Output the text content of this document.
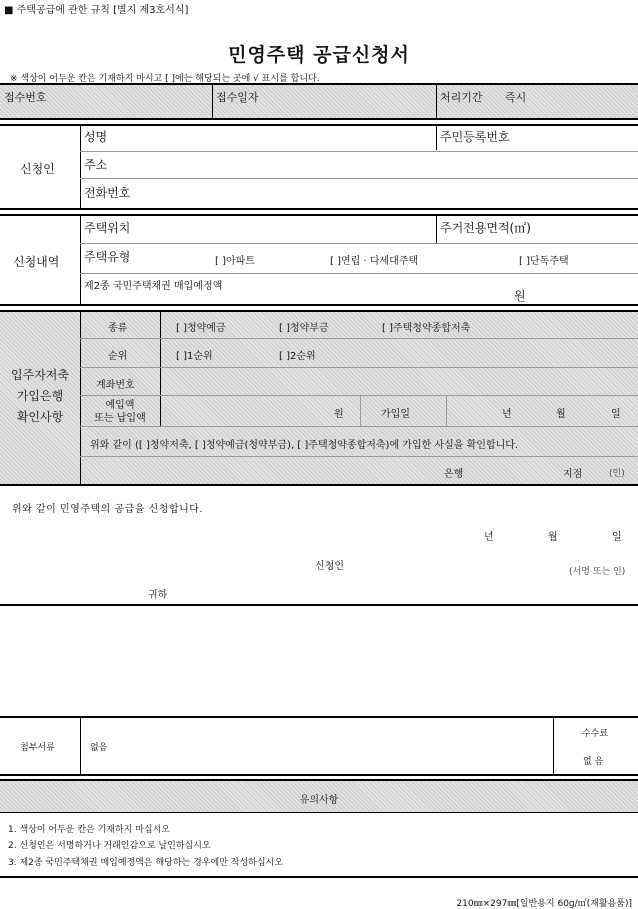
■ 주택공급에 관한 규칙 [별지 제3호서식]
민영주택 공급신청서
※ 색상이 어두운 칸은 기재하지 마시고 [ ]에는 해당되는 곳에 √ 표시를 합니다.
접수번호	접수일자	처리기간 즉시
신청인
성명	주민등록번호
주소
전화번호
신청내역
주택위치	주거전용면적(㎡)
주택유형	[ ]아파트	[ ]연립 · 다세대주택	[ ]단독주택
제2종 국민주택채권 매입예정액
원
입주자저축
가입은행
확인사항
종류	[ ]청약예금	[ ]청약부금	[ ]주택청약종합저축
순위	[ ]1순위	[ ]2순위
계좌번호
예입액
또는 납입액	원	가입일	년	월	일
위와 같이 ([ ]청약저축, [ ]청약예금(청약부금), [ ]주택청약종합저축)에 가입한 사실을 확인합니다.
은행	지점	(인)
위와 같이 민영주택의 공급을 신청합니다.
년	월	일
신청인	(서명 또는 인)
귀하
첨부서류	없음
수수료
없 음
유의사항
1. 색상이 어두운 칸은 기재하지 마십시오
2. 신청인은 서명하거나 거래인감으로 날인하십시오
3. 제2종 국민주택채권 매입예정액은 해당하는 경우에만 작성하십시오
210㎜×297㎜[일반용지 60g/㎡(재활용품)]
